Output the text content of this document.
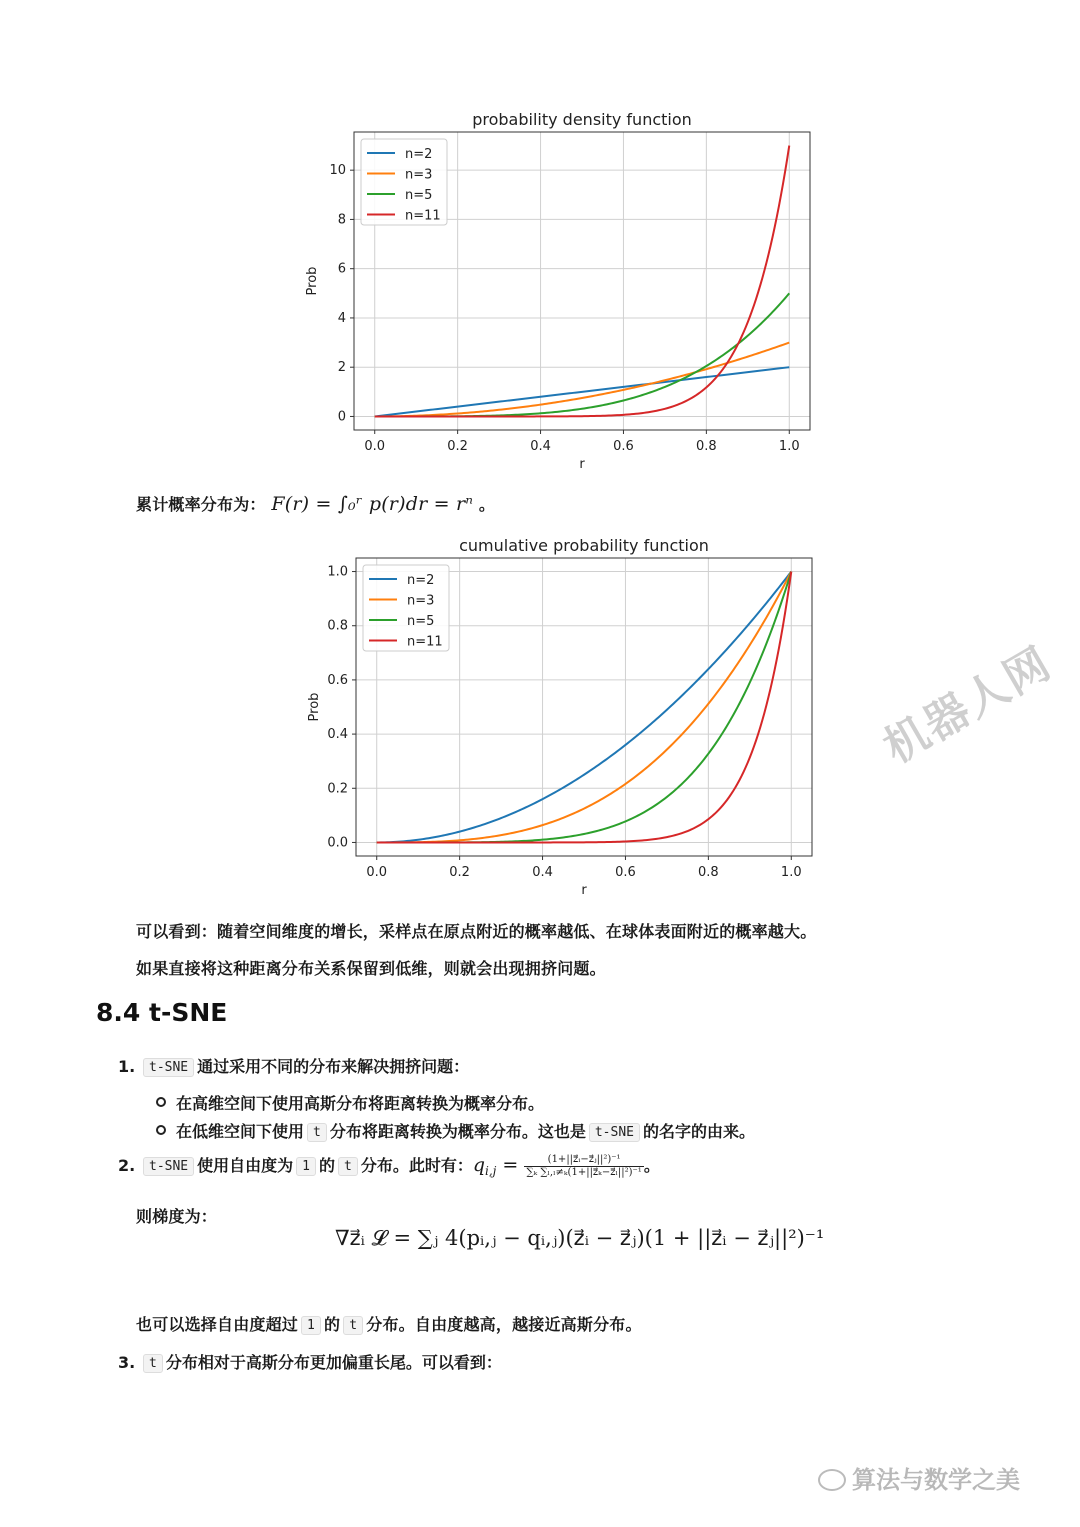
0.0	0.2	0.4	0.6	0.8	1.0
0
2
4
6
8
10
probability density function
r
Prob
n=2
n=3
n=5
n=11
0.0	0.2	0.4	0.6	0.8	1.0
0.0
0.2
0.4
0.6
0.8
1.0
cumulative probability function
r
Prob
n=2
n=3
n=5
n=11
累计概率分布为： F(r) = ∫₀ʳ p(r)dr = rⁿ 。
可以看到：随着空间维度的增长，采样点在原点附近的概率越低、在球体表面附近的概率越大。
如果直接将这种距离分布关系保留到低维，则就会出现拥挤问题。
8.4 t-SNE
1. t-SNE 通过采用不同的分布来解决拥挤问题：
在高维空间下使用高斯分布将距离转换为概率分布。
在低维空间下使用 t 分布将距离转换为概率分布。这也是 t-SNE 的名字的由来。
2. t-SNE 使用自由度为 1 的 t 分布。此时有：$q_{i,j} = \frac{\text{(1+||z⃗ᵢ−z⃗ⱼ||²)⁻¹}}{\text{∑ₖ ∑ₗ,ₗ≠ₖ(1+||z⃗ₖ−z⃗ₗ||²)⁻¹}}$ 。
则梯度为：
∇z⃗ᵢ 𝓛 = ∑ⱼ 4(pᵢ,ⱼ − qᵢ,ⱼ)(z⃗ᵢ − z⃗ⱼ)(1 + ||z⃗ᵢ − z⃗ⱼ||²)⁻¹
也可以选择自由度超过 1 的 t 分布。自由度越高，越接近高斯分布。
3. t 分布相对于高斯分布更加偏重长尾。可以看到：
机器人网
算法与数学之美
